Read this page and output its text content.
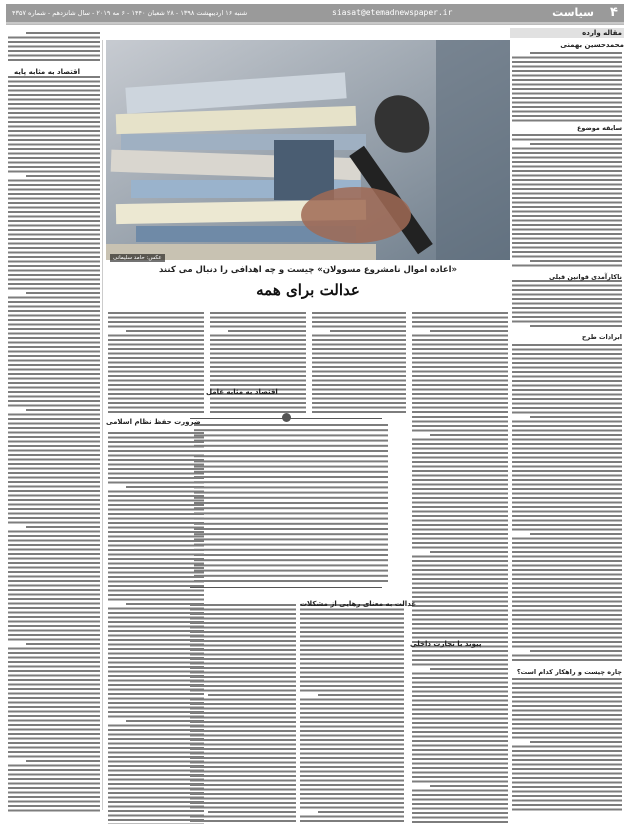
۴
سیاست
siasat@etemadnewspaper.ir
شنبه ۱۶ اردیبهشت ۱۳۹۸ - ۲۸ شعبان ۱۴۴۰ - ۶ مه ۲۰۱۹ - سال شانزدهم - شماره ۴۳۵۷
مقاله وارده
محمدحسین بهمنی
سابقه موضوع
ناکارآمدی قوانین قبلی
ابرادات طرح
چاره چیست و راهکار کدام است؟
عکس: حامد سلیمانی
«اعاده اموال نامشروع مسوولان» چیست و چه اهدافی را دنبال می کنند
عدالت برای همه
اقتصاد به مثابه عامل
ضرورت حفظ نظام اسلامی
عدالت به معنای رهایی از مشکلات
پیوند با تجارت داخلی
اقتصاد به مثابه پایه
